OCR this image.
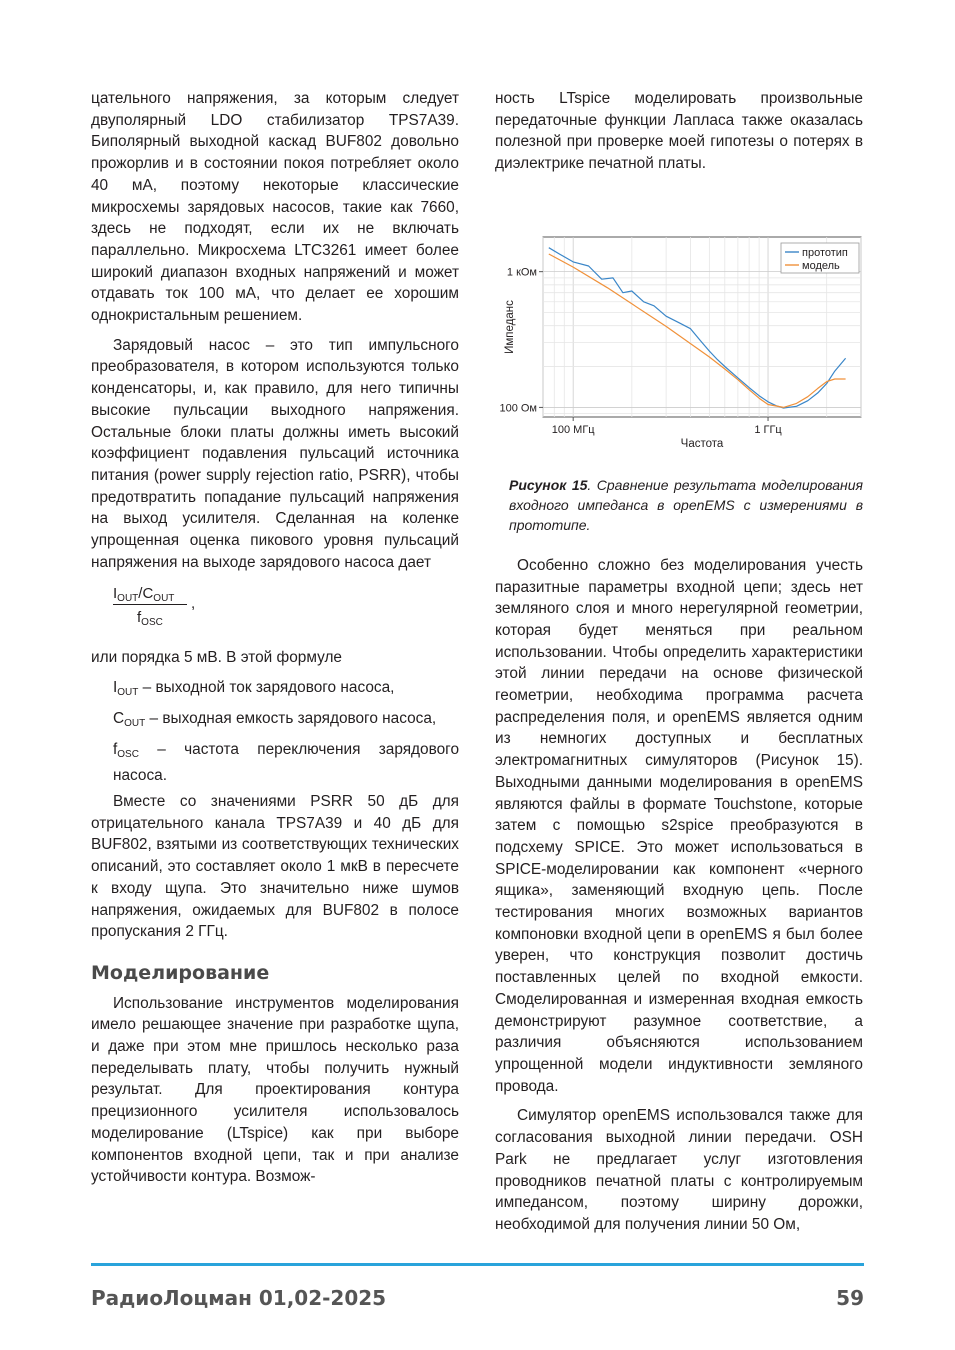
цательного напряжения, за которым следует двуполярный LDO стабилизатор TPS7A39. Биполярный выходной каскад BUF802 довольно прожорлив и в состоянии покоя потребляет около 40 мА, поэтому некоторые классические микросхемы зарядовых насосов, такие как 7660, здесь не подходят, если их не включать параллельно. Микросхема LTC3261 имеет более широкий диапазон входных напряжений и может отдавать ток 100 мА, что делает ее хорошим однокристальным решением.

Зарядовый насос – это тип импульсного преобразователя, в котором используются только конденсаторы, и, как правило, для него типичны высокие пульсации выходного напряжения. Остальные блоки платы должны иметь высокий коэффициент подавления пульсаций источника питания (power supply rejection ratio, PSRR), чтобы предотвратить попадание пульсаций напряжения на выход усилителя. Сделанная на коленке упрощенная оценка пикового уровня пульсаций напряжения на выходе зарядового насоса дает

$I_{OUT}/C_{OUT}$
$f_{OSC}$
,

или порядка 5 мВ. В этой формуле

$I_{OUT}$ – выходной ток зарядового насоса,
$C_{OUT}$ – выходная емкость зарядового насоса,
$f_{OSC}$ – частота переключения зарядового насоса.

Вместе со значениями PSRR 50 дБ для отрицательного канала TPS7A39 и 40 дБ для BUF802, взятыми из соответствующих технических описаний, это составляет около 1 мкВ в пересчете к входу щупа. Это значительно ниже шумов напряжения, ожидаемых для BUF802 в полосе пропускания 2 ГГц.

Моделирование

Использование инструментов моделирования имело решающее значение при разработке щупа, и даже при этом мне пришлось несколько раза переделывать плату, чтобы получить нужный результат. Для проектирования контура прецизионного усилителя использовалось моделирование (LTspice) как при выборе компонентов входной цепи, так и при анализе устойчивости контура. Возмож-

ность LTspice моделировать произвольные передаточные функции Лапласа также оказалась полезной при проверке моей гипотезы о потерях в диэлектрике печатной платы.

100 МГц	1 ГГц
100 Ом
1 кОм
прототип
модель
Частота
Импеданс
Рисунок 15. Сравнение результата моделирования входного импеданса в openEMS с измерениями в прототипе.

Особенно сложно без моделирования учесть паразитные параметры входной цепи; здесь нет земляного слоя и много нерегулярной геометрии, которая будет меняться при реальном использовании. Чтобы определить характеристики этой линии передачи на основе физической геометрии, необходима программа расчета распределения поля, и openEMS является одним из немногих доступных и бесплатных электромагнитных симуляторов (Рисунок 15). Выходными данными моделирования в openEMS являются файлы в формате Touchstone, которые затем с помощью s2spice преобразуются в подсхему SPICE. Это может использоваться в SPICE-моделировании как компонент «черного ящика», заменяющий входную цепь. После тестирования многих возможных вариантов компоновки входной цепи в openEMS я был более уверен, что конструкция позволит достичь поставленных целей по входной емкости. Смоделированная и измеренная входная емкость демонстрируют разумное соответствие, а различия объясняются использованием упрощенной модели индуктивности земляного провода.

Симулятор openEMS использовался также для согласования выходной линии передачи. OSH Park не предлагает услуг изготовления проводников печатной платы с контролируемым импедансом, поэтому ширину дорожки, необходимой для получения линии 50 Ом,

РадиоЛоцман 01,02-2025	59
